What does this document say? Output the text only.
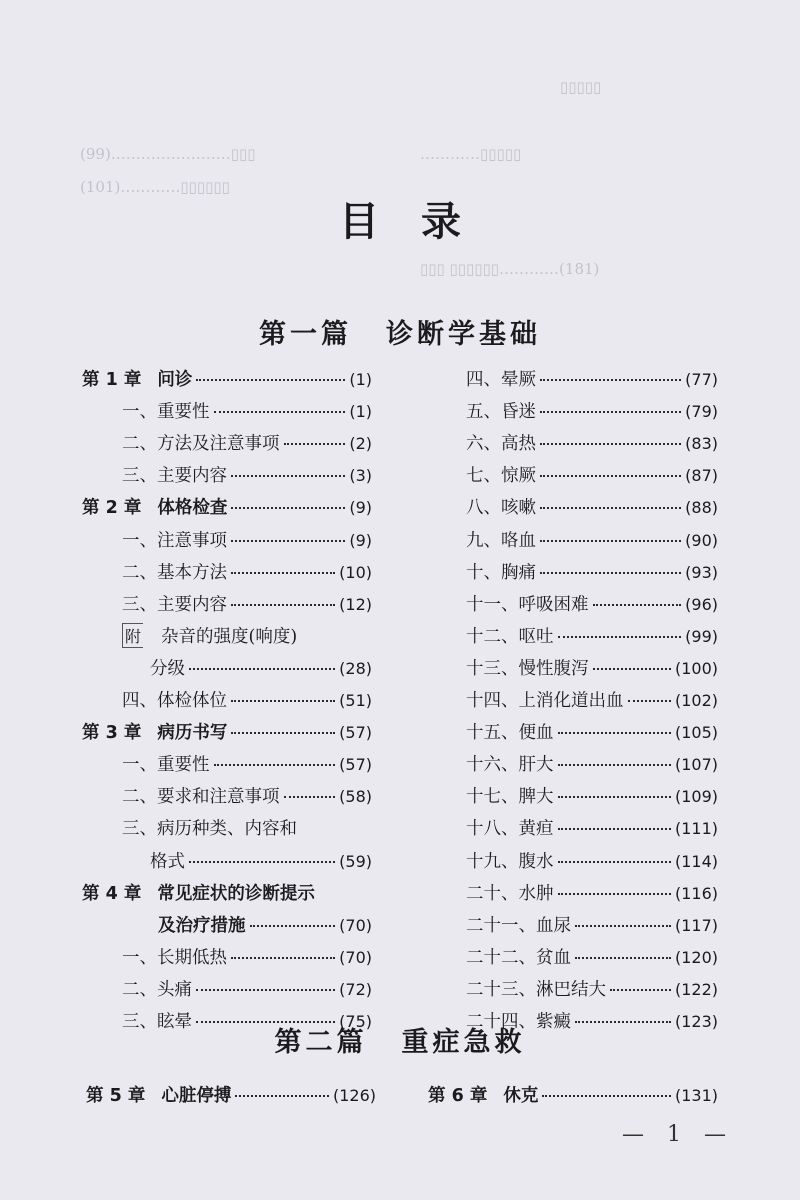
▯▯▯▯▯
(99)……………………▯▯▯
(101)…………▯▯▯▯▯▯
…………▯▯▯▯▯
▯▯▯ ▯▯▯▯▯▯…………(181)
目录
第一篇 诊断学基础
第二篇 重症急救
第 5 章 心脏停搏	(126)	第 6 章 休克	(131)
— 1 —
第 1 章 问诊	(1)
一、重要性	(1)
二、方法及注意事项	(2)
三、主要内容	(3)
第 2 章 体格检查	(9)
一、注意事项	(9)
二、基本方法	(10)
三、主要内容	(12)
附 杂音的强度(响度)
分级	(28)
四、体检体位	(51)
第 3 章 病历书写	(57)
一、重要性	(57)
二、要求和注意事项	(58)
三、病历种类、内容和
格式	(59)
第 4 章 常见症状的诊断提示
及治疗措施	(70)
一、长期低热	(70)
二、头痛	(72)
三、眩晕	(75)
四、晕厥	(77)
五、昏迷	(79)
六、高热	(83)
七、惊厥	(87)
八、咳嗽	(88)
九、咯血	(90)
十、胸痛	(93)
十一、呼吸困难	(96)
十二、呕吐	(99)
十三、慢性腹泻	(100)
十四、上消化道出血	(102)
十五、便血	(105)
十六、肝大	(107)
十七、脾大	(109)
十八、黄疸	(111)
十九、腹水	(114)
二十、水肿	(116)
二十一、血尿	(117)
二十二、贫血	(120)
二十三、淋巴结大	(122)
二十四、紫癜	(123)
